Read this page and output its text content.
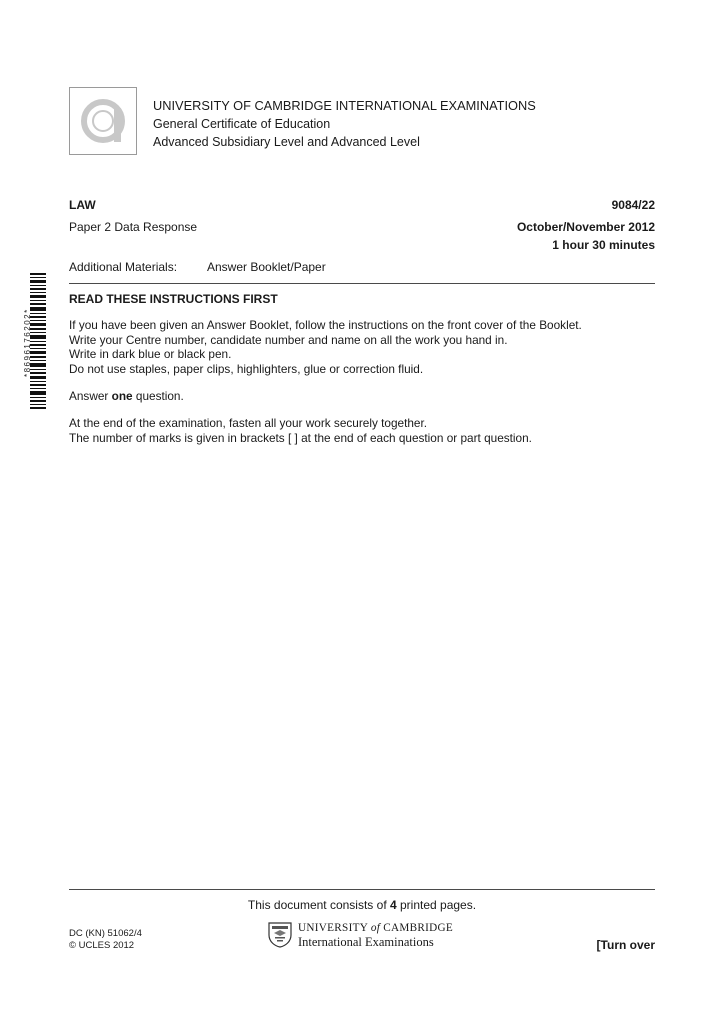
UNIVERSITY OF CAMBRIDGE INTERNATIONAL EXAMINATIONS
General Certificate of Education
Advanced Subsidiary Level and Advanced Level
LAW	9084/22
Paper 2 Data Response	October/November 2012
1 hour 30 minutes
Additional Materials: Answer Booklet/Paper
*8696176202*
READ THESE INSTRUCTIONS FIRST
If you have been given an Answer Booklet, follow the instructions on the front cover of the Booklet.
Write your Centre number, candidate number and name on all the work you hand in.
Write in dark blue or black pen.
Do not use staples, paper clips, highlighters, glue or correction fluid.
Answer one question.
At the end of the examination, fasten all your work securely together.
The number of marks is given in brackets [ ] at the end of each question or part question.
This document consists of 4 printed pages.
DC (KN) 51062/4
© UCLES 2012
UNIVERSITY of CAMBRIDGE
International Examinations	[Turn over
